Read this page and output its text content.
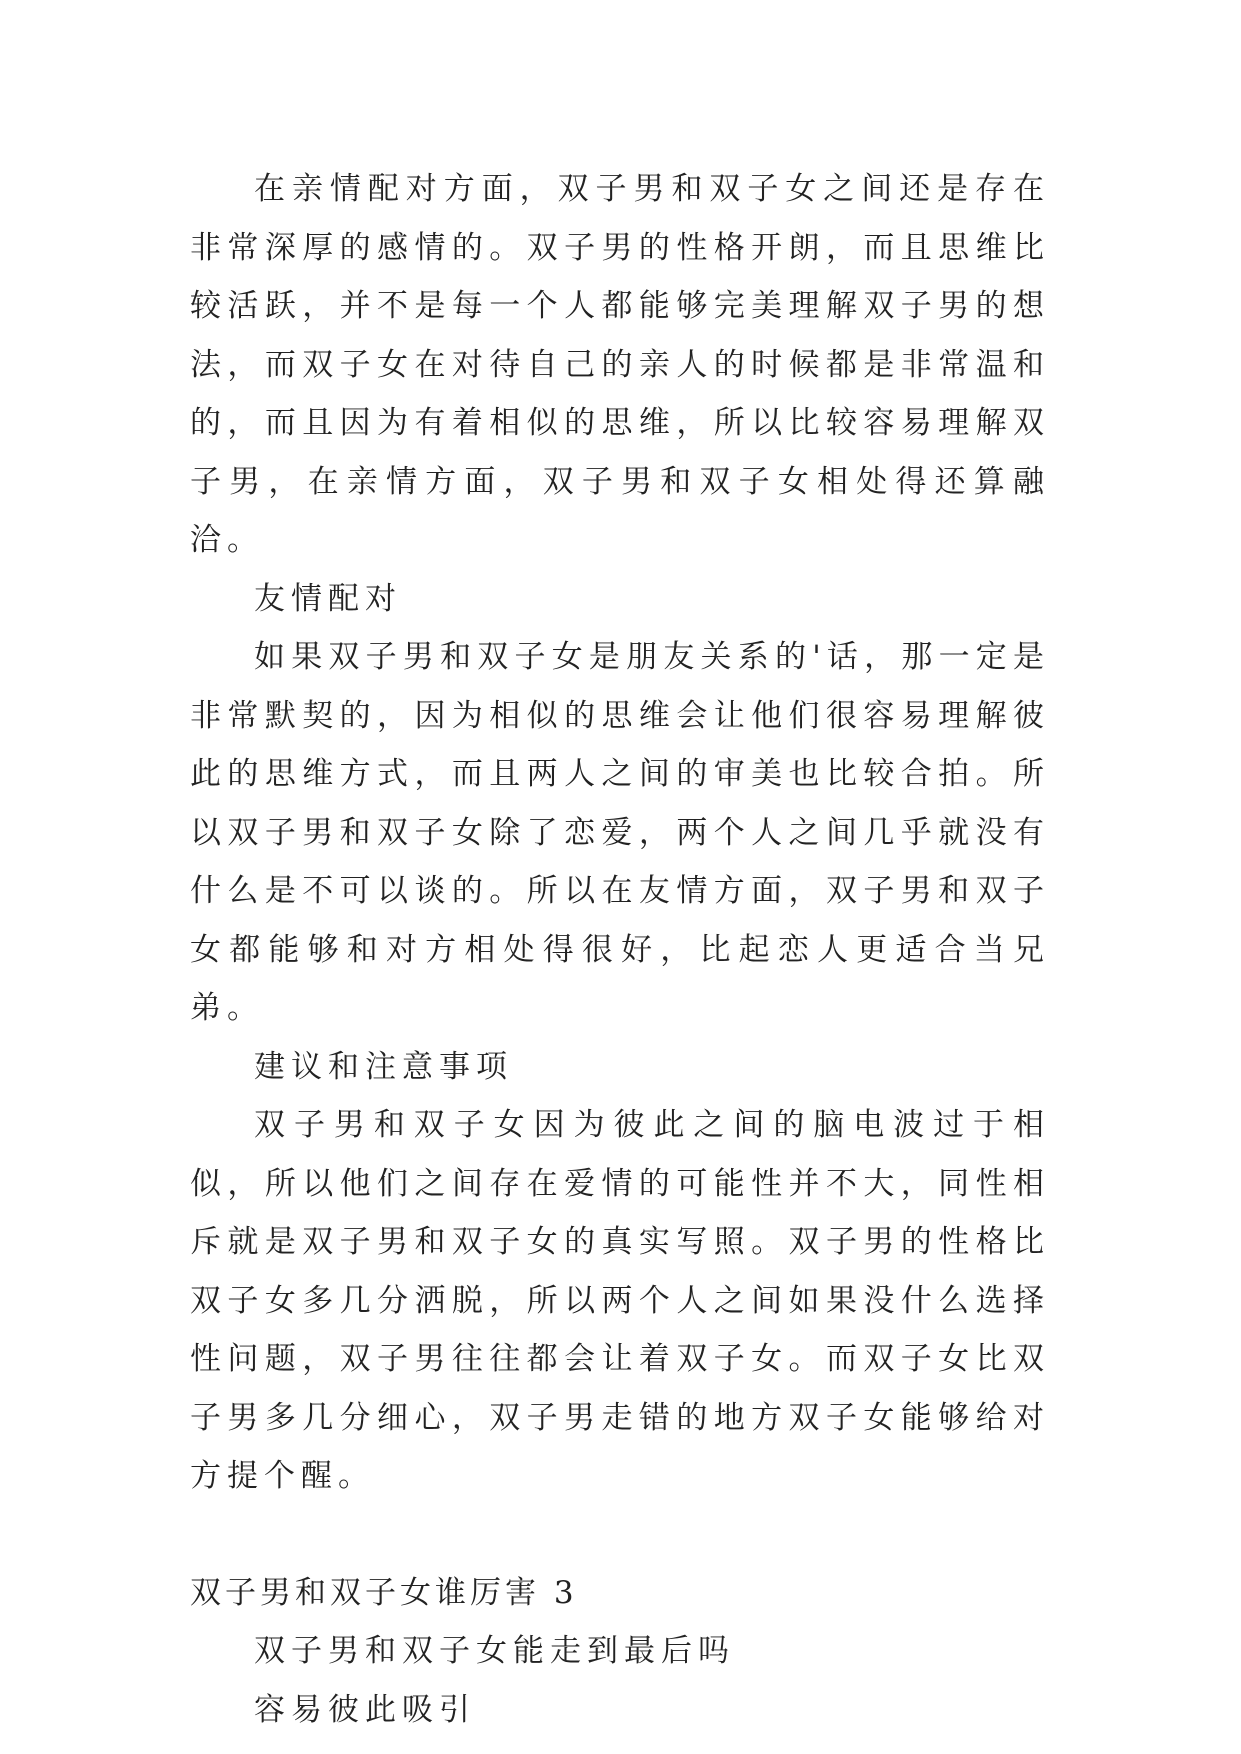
在亲情配对方面，双子男和双子女之间还是存在非常深厚的感情的。双子男的性格开朗，而且思维比较活跃，并不是每一个人都能够完美理解双子男的想法，而双子女在对待自己的亲人的时候都是非常温和的，而且因为有着相似的思维，所以比较容易理解双子男，在亲情方面，双子男和双子女相处得还算融洽。

友情配对

如果双子男和双子女是朋友关系的'话，那一定是非常默契的，因为相似的思维会让他们很容易理解彼此的思维方式，而且两人之间的审美也比较合拍。所以双子男和双子女除了恋爱，两个人之间几乎就没有什么是不可以谈的。所以在友情方面，双子男和双子女都能够和对方相处得很好，比起恋人更适合当兄弟。

建议和注意事项

双子男和双子女因为彼此之间的脑电波过于相似，所以他们之间存在爱情的可能性并不大，同性相斥就是双子男和双子女的真实写照。双子男的性格比双子女多几分洒脱，所以两个人之间如果没什么选择性问题，双子男往往都会让着双子女。而双子女比双子男多几分细心，双子男走错的地方双子女能够给对方提个醒。

双子男和双子女谁厉害 3

双子男和双子女能走到最后吗

容易彼此吸引
